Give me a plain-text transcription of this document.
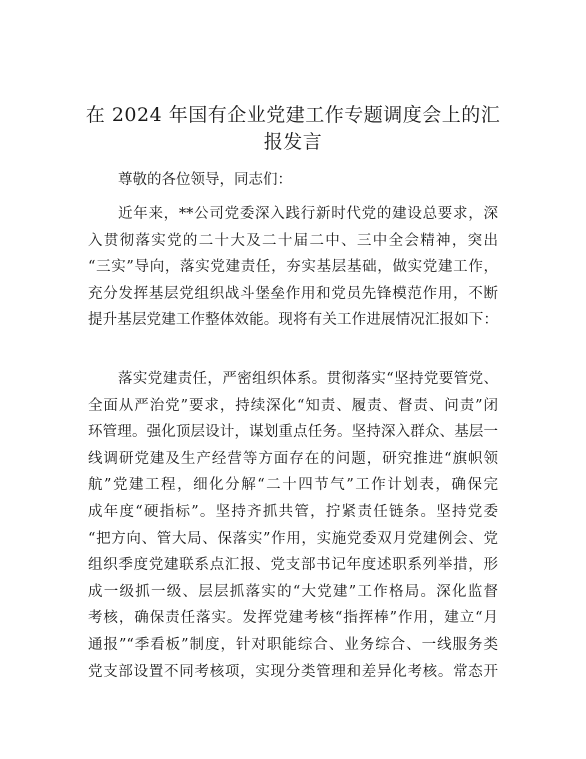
在 2024 年国有企业党建工作专题调度会上的汇报发言

尊敬的各位领导，同志们：

近年来，**公司党委深入践行新时代党的建设总要求，深
入贯彻落实党的二十大及二十届二中、三中全会精神，突出
“三实”导向，落实党建责任，夯实基层基础，做实党建工作，
充分发挥基层党组织战斗堡垒作用和党员先锋模范作用，不断
提升基层党建工作整体效能。现将有关工作进展情况汇报如下：
落实党建责任，严密组织体系。贯彻落实“坚持党要管党、
全面从严治党”要求，持续深化“知责、履责、督责、问责”闭
环管理。强化顶层设计，谋划重点任务。坚持深入群众、基层一
线调研党建及生产经营等方面存在的问题，研究推进“旗帜领
航”党建工程，细化分解“二十四节气”工作计划表，确保完
成年度“硬指标”。坚持齐抓共管，拧紧责任链条。坚持党委
“把方向、管大局、保落实”作用，实施党委双月党建例会、党
组织季度党建联系点汇报、党支部书记年度述职系列举措，形
成一级抓一级、层层抓落实的“大党建”工作格局。深化监督
考核，确保责任落实。发挥党建考核“指挥棒”作用，建立“月
通报”“季看板”制度，针对职能综合、业务综合、一线服务类
党支部设置不同考核项，实现分类管理和差异化考核。常态开
